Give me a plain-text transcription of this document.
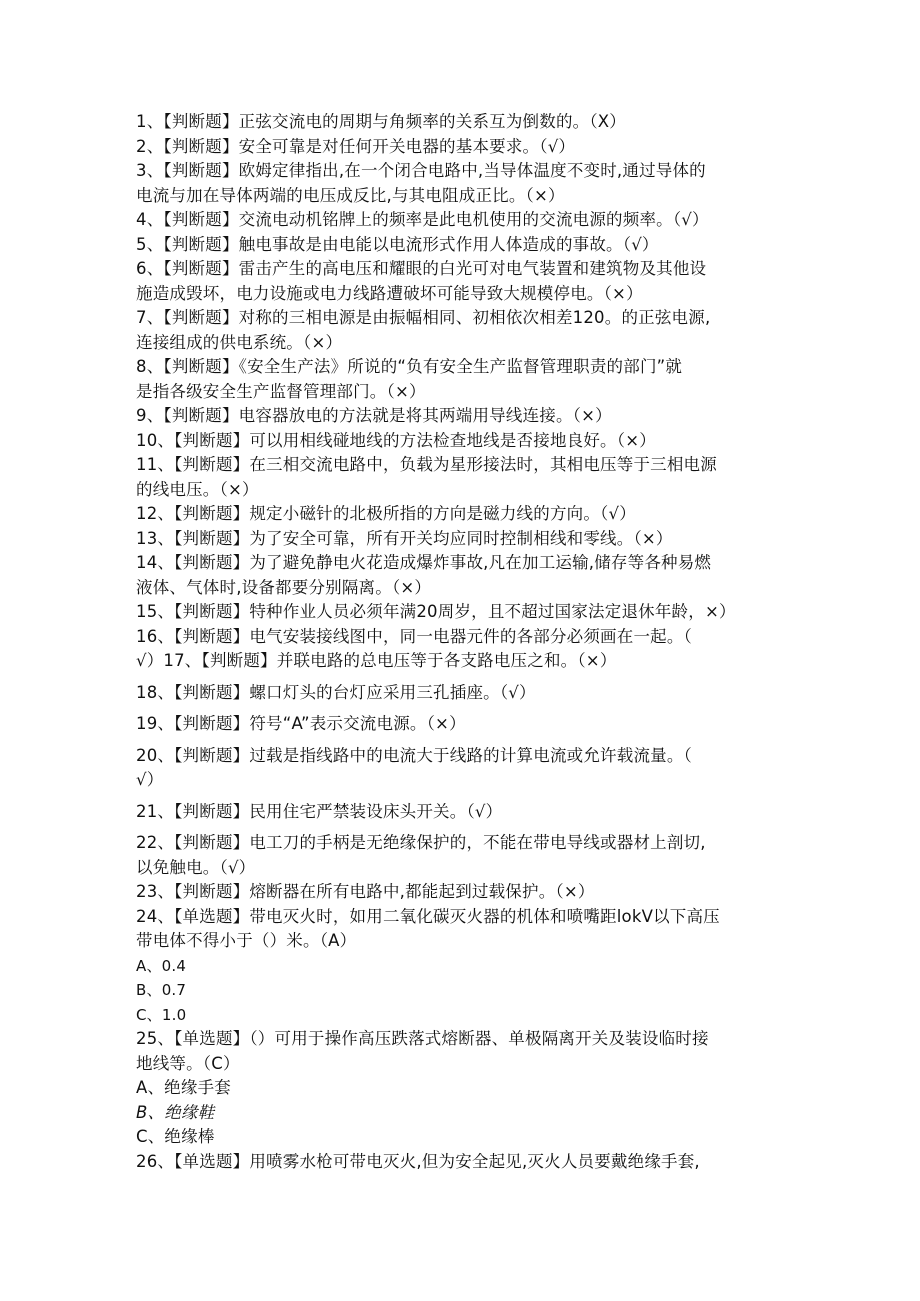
1、【判断题】正弦交流电的周期与角频率的关系互为倒数的。（X）
2、【判断题】安全可靠是对任何开关电器的基本要求。（√）
3、【判断题】欧姆定律指出,在一个闭合电路中,当导体温度不变时,通过导体的
电流与加在导体两端的电压成反比,与其电阻成正比。（×）
4、【判断题】交流电动机铭牌上的频率是此电机使用的交流电源的频率。（√）
5、【判断题】触电事故是由电能以电流形式作用人体造成的事故。（√）
6、【判断题】雷击产生的高电压和耀眼的白光可对电气装置和建筑物及其他设
施造成毁坏，电力设施或电力线路遭破坏可能导致大规模停电。（×）
7、【判断题】对称的三相电源是由振幅相同、初相依次相差120。的正弦电源,
连接组成的供电系统。（×）
8、【判断题】《安全生产法》所说的“负有安全生产监督管理职责的部门”就
是指各级安全生产监督管理部门。（×）
9、【判断题】电容器放电的方法就是将其两端用导线连接。（×）
10、【判断题】可以用相线碰地线的方法检查地线是否接地良好。（×）
11、【判断题】在三相交流电路中，负载为星形接法时，其相电压等于三相电源
的线电压。（×）
12、【判断题】规定小磁针的北极所指的方向是磁力线的方向。（√）
13、【判断题】为了安全可靠，所有开关均应同时控制相线和零线。（×）
14、【判断题】为了避免静电火花造成爆炸事故,凡在加工运输,储存等各种易燃
液体、气体时,设备都要分别隔离。（×）
15、【判断题】特种作业人员必须年满20周岁，且不超过国家法定退休年龄，×）
16、【判断题】电气安装接线图中，同一电器元件的各部分必须画在一起。（
√）17、【判断题】并联电路的总电压等于各支路电压之和。（×）
18、【判断题】螺口灯头的台灯应采用三孔插座。（√）
19、【判断题】符号“A”表示交流电源。（×）
20、【判断题】过载是指线路中的电流大于线路的计算电流或允许载流量。（
√）
21、【判断题】民用住宅严禁装设床头开关。（√）
22、【判断题】电工刀的手柄是无绝缘保护的，不能在带电导线或器材上剖切,
以免触电。（√）
23、【判断题】熔断器在所有电路中,都能起到过载保护。（×）
24、【单选题】带电灭火时，如用二氧化碳灭火器的机体和喷嘴距lokV以下高压
带电体不得小于（）米。（A）
A、0.4
B、0.7
C、1.0
25、【单选题】（）可用于操作高压跌落式熔断器、单极隔离开关及装设临时接
地线等。（C）
A、绝缘手套
B、绝缘鞋
C、绝缘棒
26、【单选题】用喷雾水枪可带电灭火,但为安全起见,灭火人员要戴绝缘手套,
